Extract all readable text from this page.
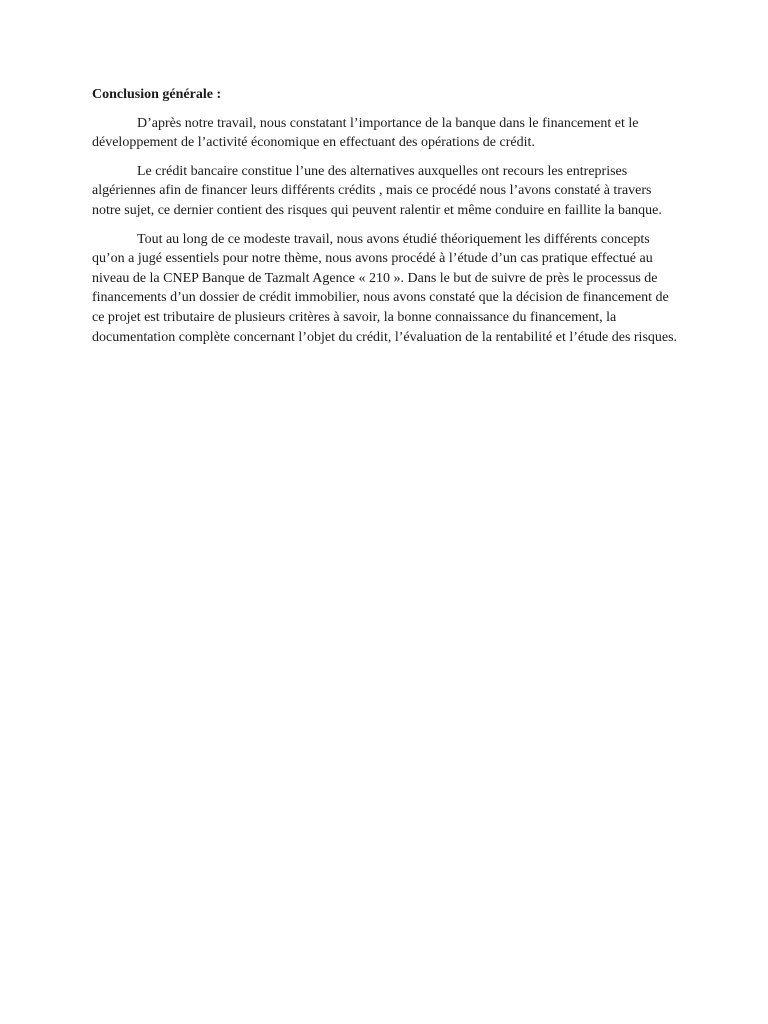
Conclusion générale :

D’après notre travail, nous constatant l’importance de la banque dans le financement et le développement de l’activité économique en effectuant des opérations de crédit.

Le crédit bancaire constitue l’une des alternatives auxquelles ont recours les entreprises algériennes afin de financer leurs différents crédits , mais ce procédé nous l’avons constaté à travers notre sujet, ce dernier contient des risques qui peuvent ralentir et même conduire en faillite la banque.

Tout au long de ce modeste travail, nous avons étudié théoriquement les différents concepts qu’on a jugé essentiels pour notre thème, nous avons procédé à l’étude d’un cas pratique effectué au niveau de la CNEP Banque de Tazmalt Agence « 210 ». Dans le but de suivre de près le processus de financements d’un dossier de crédit immobilier, nous avons constaté que la décision de financement de ce projet est tributaire de plusieurs critères à savoir, la bonne connaissance du financement, la documentation complète concernant l’objet du crédit, l’évaluation de la rentabilité et l’étude des risques.
